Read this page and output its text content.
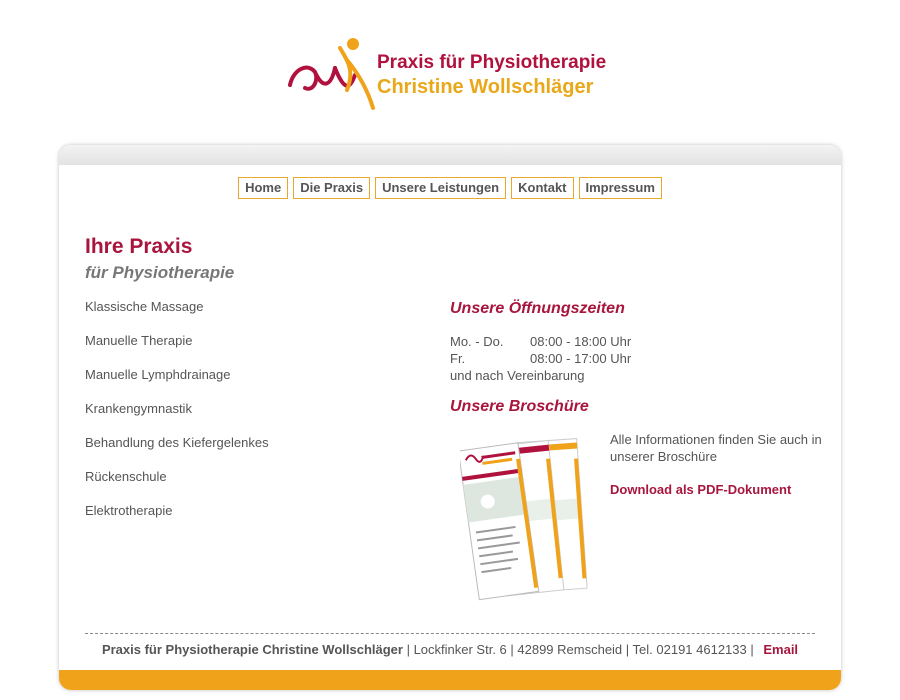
Praxis für Physiotherapie
Christine Wollschläger
Home Die Praxis Unsere Leistungen Kontakt Impressum
Ihre Praxis
für Physiotherapie
Klassische Massage
Manuelle Therapie
Manuelle Lymphdrainage
Krankengymnastik
Behandlung des Kiefergelenkes
Rückenschule
Elektrotherapie
Unsere Öffnungszeiten
Mo. - Do. 08:00 - 18:00 Uhr
Fr.	08:00 - 17:00 Uhr
und nach Vereinbarung
Unsere Broschüre
Alle Informationen finden Sie auch in unserer Broschüre
Download als PDF-Dokument
Praxis für Physiotherapie Christine Wollschläger | Lockfinker Str. 6 | 42899 Remscheid | Tel. 02191 4612133 | Email
